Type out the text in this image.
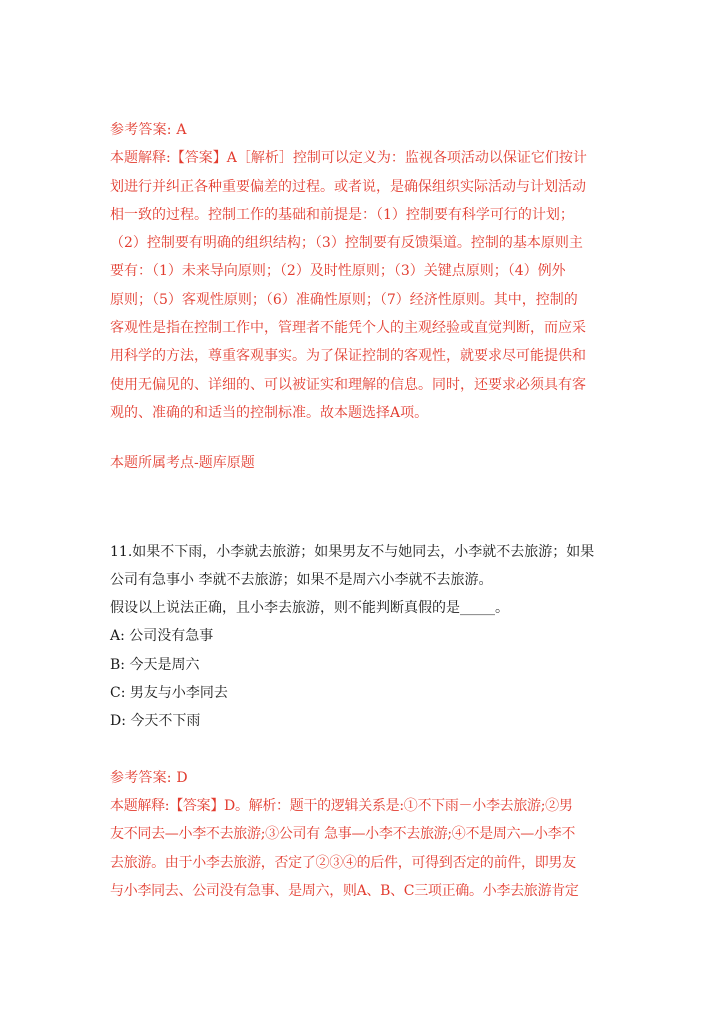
参考答案: A
本题解释:【答案】A［解析］控制可以定义为：监视各项活动以保证它们按计
划进行并纠正各种重要偏差的过程。或者说，是确保组织实际活动与计划活动
相一致的过程。控制工作的基础和前提是：（1）控制要有科学可行的计划；
（2）控制要有明确的组织结构；（3）控制要有反馈渠道。控制的基本原则主
要有：（1）未来导向原则；（2）及时性原则；（3）关键点原则；（4）例外
原则；（5）客观性原则；（6）准确性原则；（7）经济性原则。其中，控制的
客观性是指在控制工作中，管理者不能凭个人的主观经验或直觉判断，而应采
用科学的方法，尊重客观事实。为了保证控制的客观性，就要求尽可能提供和
使用无偏见的、详细的、可以被证实和理解的信息。同时，还要求必须具有客
观的、准确的和适当的控制标准。故本题选择A项。
本题所属考点-题库原题
11.如果不下雨，小李就去旅游；如果男友不与她同去，小李就不去旅游；如果
公司有急事小 李就不去旅游；如果不是周六小李就不去旅游。
假设以上说法正确，且小李去旅游，则不能判断真假的是_____。
A: 公司没有急事
B: 今天是周六
C: 男友与小李同去
D: 今天不下雨
参考答案: D
本题解释:【答案】D。解析：题干的逻辑关系是:①不下雨－小李去旅游;②男
友不同去—小李不去旅游;③公司有 急事—小李不去旅游;④不是周六—小李不
去旅游。由于小李去旅游，否定了②③④的后件，可得到否定的前件，即男友
与小李同去、公司没有急事、是周六，则A、B、C三项正确。小李去旅游肯定
